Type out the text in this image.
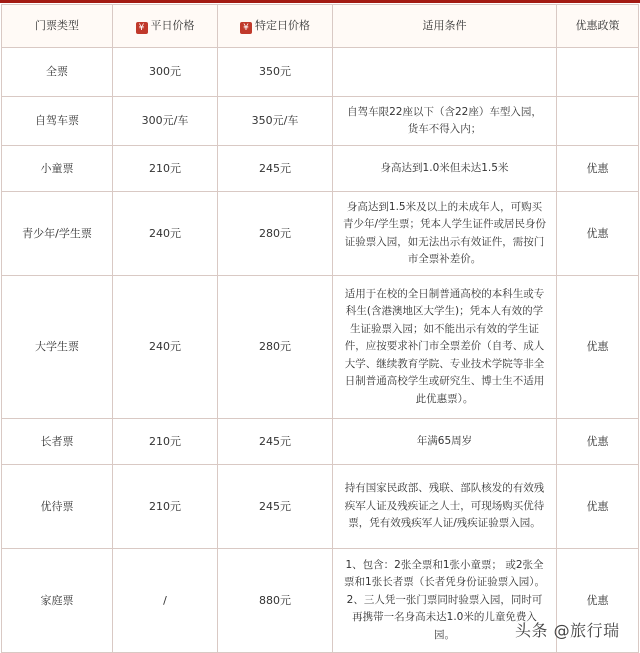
门票类型	¥ 平日价格	¥ 特定日价格	适用条件	优惠政策
全票	300元	350元		
自驾车票	300元/车	350元/车	自驾车限22座以下（含22座）车型入园，货车不得入内；	
小童票	210元	245元	身高达到1.0米但未达1.5米	优惠
青少年/学生票	240元	280元	身高达到1.5米及以上的未成年人，可购买青少年/学生票；凭本人学生证件或居民身份证验票入园，如无法出示有效证件，需按门市全票补差价。	优惠
大学生票	240元	280元	适用于在校的全日制普通高校的本科生或专科生(含港澳地区大学生)；凭本人有效的学生证验票入园；如不能出示有效的学生证件，应按要求补门市全票差价（自考、成人大学、继续教育学院、专业技术学院等非全日制普通高校学生或研究生、博士生不适用此优惠票）。	优惠
长者票	210元	245元	年满65周岁	优惠
优待票	210元	245元	持有国家民政部、残联、部队核发的有效残疾军人证及残疾证之人士，可现场购买优待票，凭有效残疾军人证/残疾证验票入园。	优惠
家庭票	/	880元	1、包含：2张全票和1张小童票； 或2张全票和1张长者票（长者凭身份证验票入园）。 2、三人凭一张门票同时验票入园，同时可再携带一名身高未达1.0米的儿童免费入园。	优惠
头条 @旅行瑞
